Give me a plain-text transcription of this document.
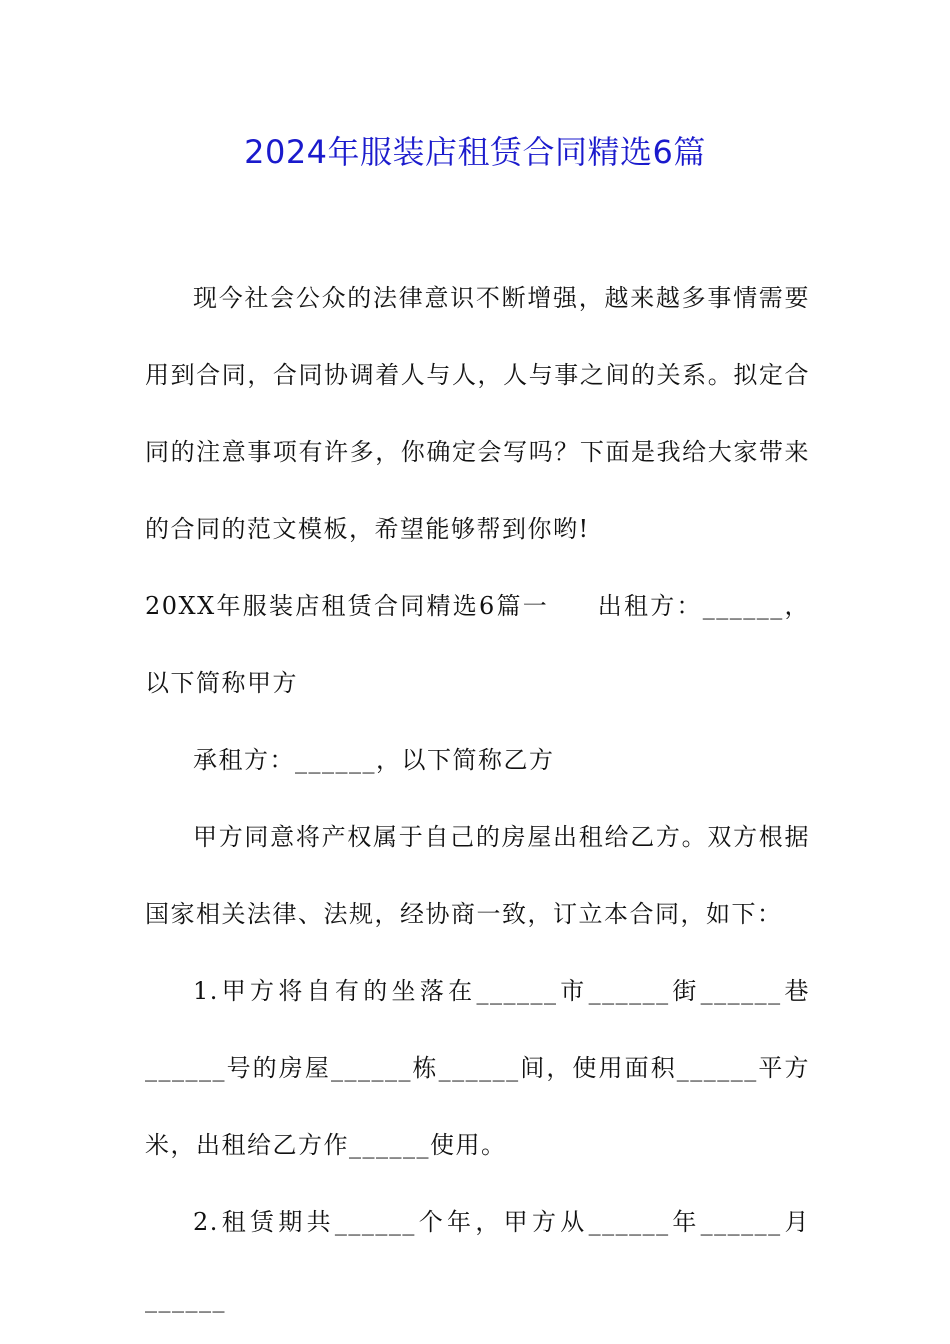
2024年服装店租赁合同精选6篇

现今社会公众的法律意识不断增强，越来越多事情需要用到合同，合同协调着人与人，人与事之间的关系。拟定合同的注意事项有许多，你确定会写吗？下面是我给大家带来的合同的范文模板，希望能够帮到你哟!

20XX年服装店租赁合同精选6篇一 出租方：______，以下简称甲方

承租方：______，以下简称乙方

甲方同意将产权属于自己的房屋出租给乙方。双方根据国家相关法律、法规，经协商一致，订立本合同，如下：

1.甲方将自有的坐落在______市______街______巷______号的房屋______栋______间，使用面积______平方米，出租给乙方作______使用。

2.租赁期共______个年，甲方从______年______月______
